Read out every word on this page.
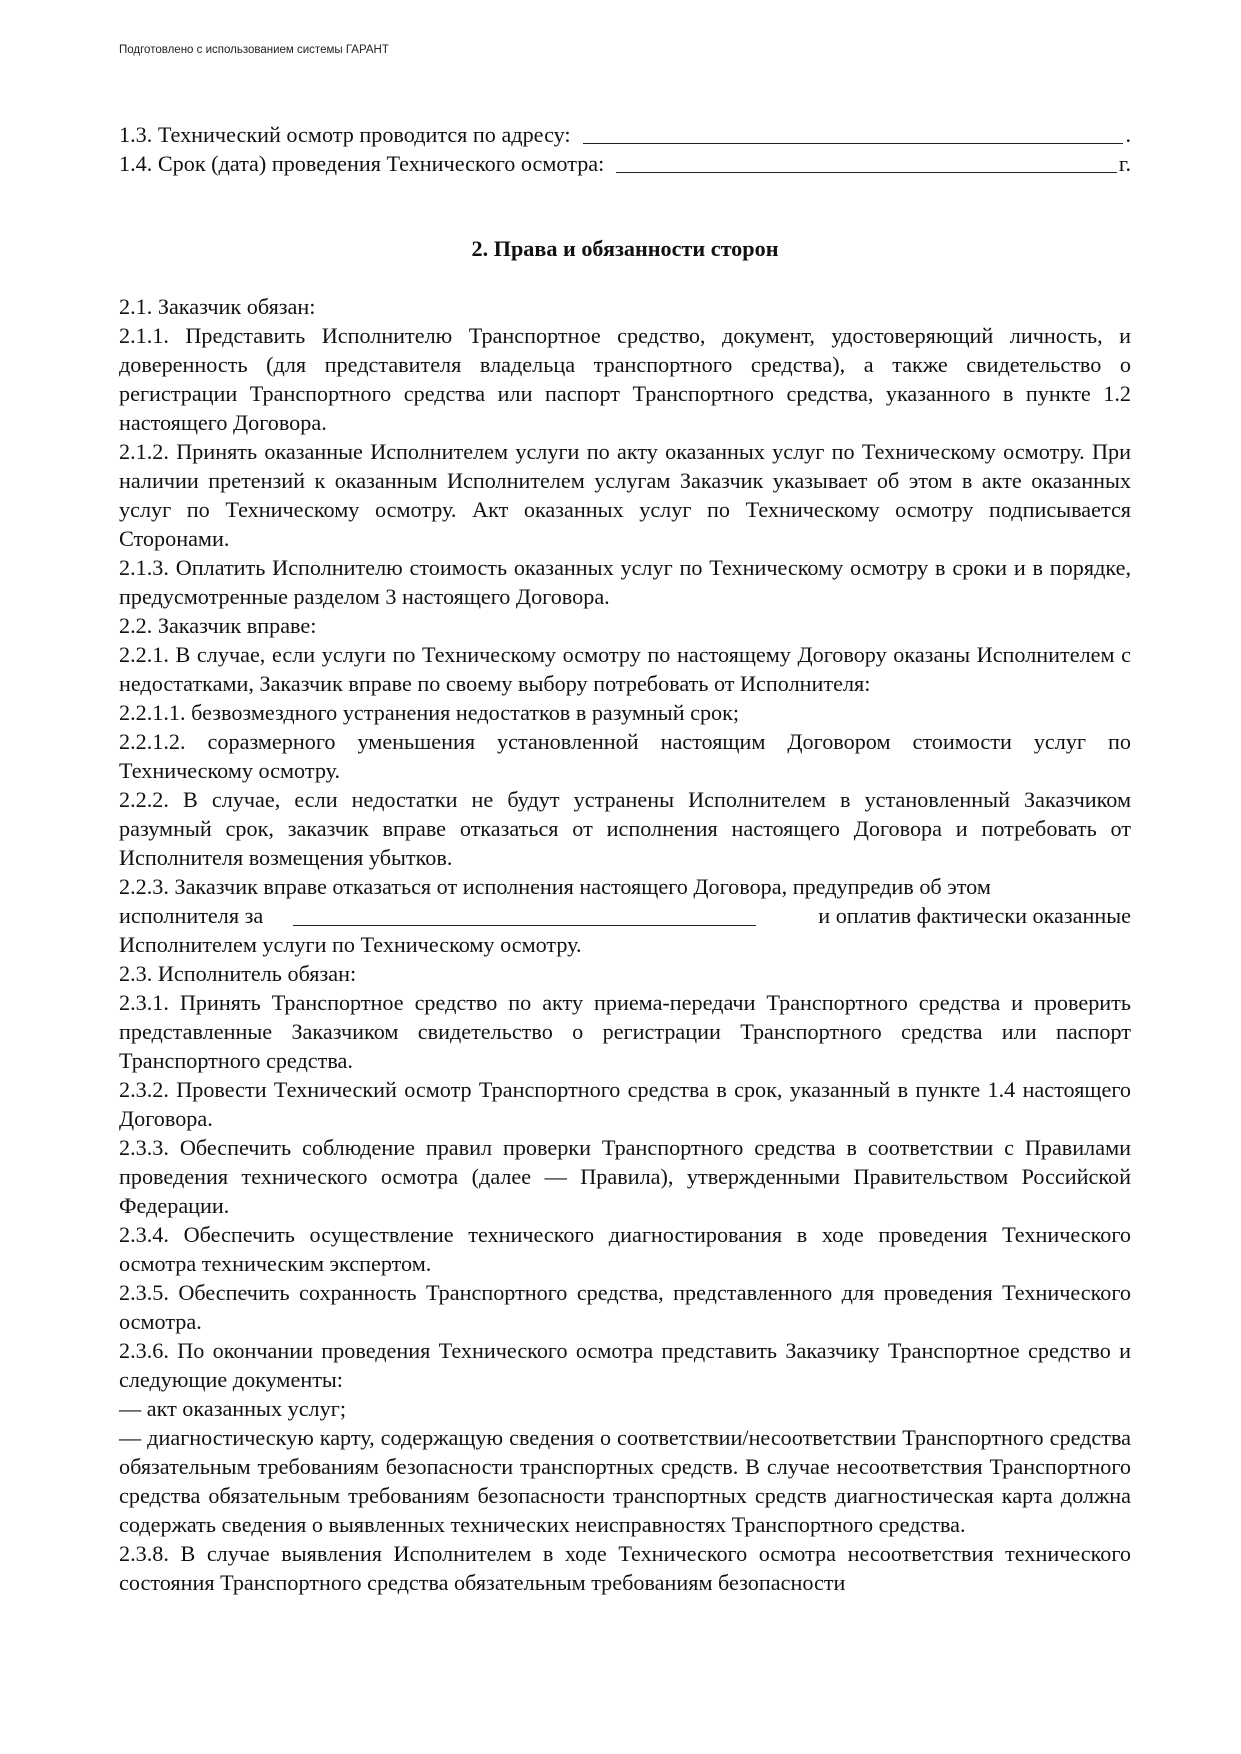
Подготовлено с использованием системы ГАРАНТ
1.3. Технический осмотр проводится по адресу:	.
1.4. Срок (дата) проведения Технического осмотра:	г.
2. Права и обязанности сторон

2.1. Заказчик обязан:

2.1.1. Представить Исполнителю Транспортное средство, документ, удостоверяющий личность, и доверенность (для представителя владельца транспортного средства), а также свидетельство о регистрации Транспортного средства или паспорт Транспортного средства, указанного в пункте 1.2 настоящего Договора.

2.1.2. Принять оказанные Исполнителем услуги по акту оказанных услуг по Техническому осмотру. При наличии претензий к оказанным Исполнителем услугам Заказчик указывает об этом в акте оказанных услуг по Техническому осмотру. Акт оказанных услуг по Техническому осмотру подписывается Сторонами.

2.1.3. Оплатить Исполнителю стоимость оказанных услуг по Техническому осмотру в сроки и в порядке, предусмотренные разделом 3 настоящего Договора.

2.2. Заказчик вправе:

2.2.1. В случае, если услуги по Техническому осмотру по настоящему Договору оказаны Исполнителем с недостатками, Заказчик вправе по своему выбору потребовать от Исполнителя:

2.2.1.1. безвозмездного устранения недостатков в разумный срок;

2.2.1.2. соразмерного уменьшения установленной настоящим Договором стоимости услуг по Техническому осмотру.

2.2.2. В случае, если недостатки не будут устранены Исполнителем в установленный Заказчиком разумный срок, заказчик вправе отказаться от исполнения настоящего Договора и потребовать от Исполнителя возмещения убытков.

2.2.3. Заказчик вправе отказаться от исполнения настоящего Договора, предупредив об этом

исполнителя за	и оплатив фактически оказанные

Исполнителем услуги по Техническому осмотру.

2.3. Исполнитель обязан:

2.3.1. Принять Транспортное средство по акту приема-передачи Транспортного средства и проверить представленные Заказчиком свидетельство о регистрации Транспортного средства или паспорт Транспортного средства.

2.3.2. Провести Технический осмотр Транспортного средства в срок, указанный в пункте 1.4 настоящего Договора.

2.3.3. Обеспечить соблюдение правил проверки Транспортного средства в соответствии с Правилами проведения технического осмотра (далее — Правила), утвержденными Правительством Российской Федерации.

2.3.4. Обеспечить осуществление технического диагностирования в ходе проведения Технического осмотра техническим экспертом.

2.3.5. Обеспечить сохранность Транспортного средства, представленного для проведения Технического осмотра.

2.3.6. По окончании проведения Технического осмотра представить Заказчику Транспортное средство и следующие документы:

— акт оказанных услуг;

— диагностическую карту, содержащую сведения о соответствии/несоответствии Транспортного средства обязательным требованиям безопасности транспортных средств. В случае несоответствия Транспортного средства обязательным требованиям безопасности транспортных средств диагностическая карта должна содержать сведения о выявленных технических неисправностях Транспортного средства.

2.3.8. В случае выявления Исполнителем в ходе Технического осмотра несоответствия технического состояния Транспортного средства обязательным требованиям безопасности
